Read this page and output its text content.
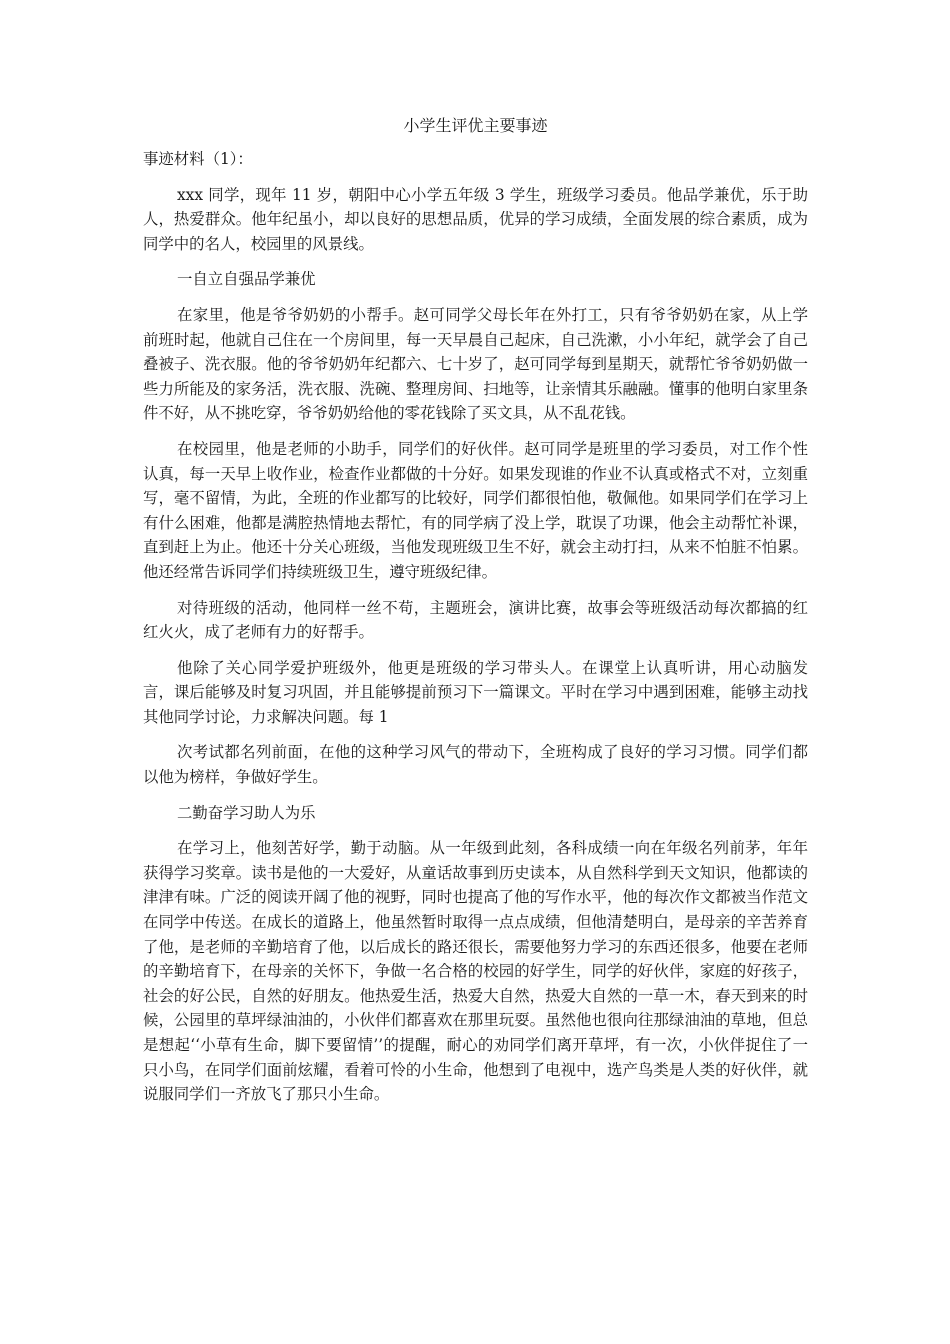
小学生评优主要事迹
事迹材料（1）：
xxx 同学，现年 11 岁，朝阳中心小学五年级 3 学生，班级学习委员。他品学兼优，乐于助人，热爱群众。他年纪虽小，却以良好的思想品质，优异的学习成绩，全面发展的综合素质，成为同学中的名人，校园里的风景线。
一自立自强品学兼优
在家里，他是爷爷奶奶的小帮手。赵可同学父母长年在外打工，只有爷爷奶奶在家，从上学前班时起，他就自己住在一个房间里，每一天早晨自己起床，自己洗漱，小小年纪，就学会了自己叠被子、洗衣服。他的爷爷奶奶年纪都六、七十岁了，赵可同学每到星期天，就帮忙爷爷奶奶做一些力所能及的家务活，洗衣服、洗碗、整理房间、扫地等，让亲情其乐融融。懂事的他明白家里条件不好，从不挑吃穿，爷爷奶奶给他的零花钱除了买文具，从不乱花钱。
在校园里，他是老师的小助手，同学们的好伙伴。赵可同学是班里的学习委员，对工作个性认真，每一天早上收作业，检查作业都做的十分好。如果发现谁的作业不认真或格式不对，立刻重写，毫不留情，为此，全班的作业都写的比较好，同学们都很怕他，敬佩他。如果同学们在学习上有什么困难，他都是满腔热情地去帮忙，有的同学病了没上学，耽误了功课，他会主动帮忙补课，直到赶上为止。他还十分关心班级，当他发现班级卫生不好，就会主动打扫，从来不怕脏不怕累。他还经常告诉同学们持续班级卫生，遵守班级纪律。
对待班级的活动，他同样一丝不苟，主题班会，演讲比赛，故事会等班级活动每次都搞的红红火火，成了老师有力的好帮手。
他除了关心同学爱护班级外，他更是班级的学习带头人。在课堂上认真听讲，用心动脑发言，课后能够及时复习巩固，并且能够提前预习下一篇课文。平时在学习中遇到困难，能够主动找其他同学讨论，力求解决问题。每 1
次考试都名列前面，在他的这种学习风气的带动下，全班构成了良好的学习习惯。同学们都以他为榜样，争做好学生。
二勤奋学习助人为乐
在学习上，他刻苦好学，勤于动脑。从一年级到此刻，各科成绩一向在年级名列前茅，年年获得学习奖章。读书是他的一大爱好，从童话故事到历史读本，从自然科学到天文知识，他都读的津津有味。广泛的阅读开阔了他的视野，同时也提高了他的写作水平，他的每次作文都被当作范文在同学中传送。在成长的道路上，他虽然暂时取得一点点成绩，但他清楚明白，是母亲的辛苦养育了他，是老师的辛勤培育了他，以后成长的路还很长，需要他努力学习的东西还很多，他要在老师的辛勤培育下，在母亲的关怀下，争做一名合格的校园的好学生，同学的好伙伴，家庭的好孩子，社会的好公民，自然的好朋友。他热爱生活，热爱大自然，热爱大自然的一草一木，春天到来的时候，公园里的草坪绿油油的，小伙伴们都喜欢在那里玩耍。虽然他也很向往那绿油油的草地，但总是想起‘‘小草有生命，脚下要留情’’的提醒，耐心的劝同学们离开草坪，有一次，小伙伴捉住了一只小鸟，在同学们面前炫耀，看着可怜的小生命，他想到了电视中，选产鸟类是人类的好伙伴，就说服同学们一齐放飞了那只小生命。
